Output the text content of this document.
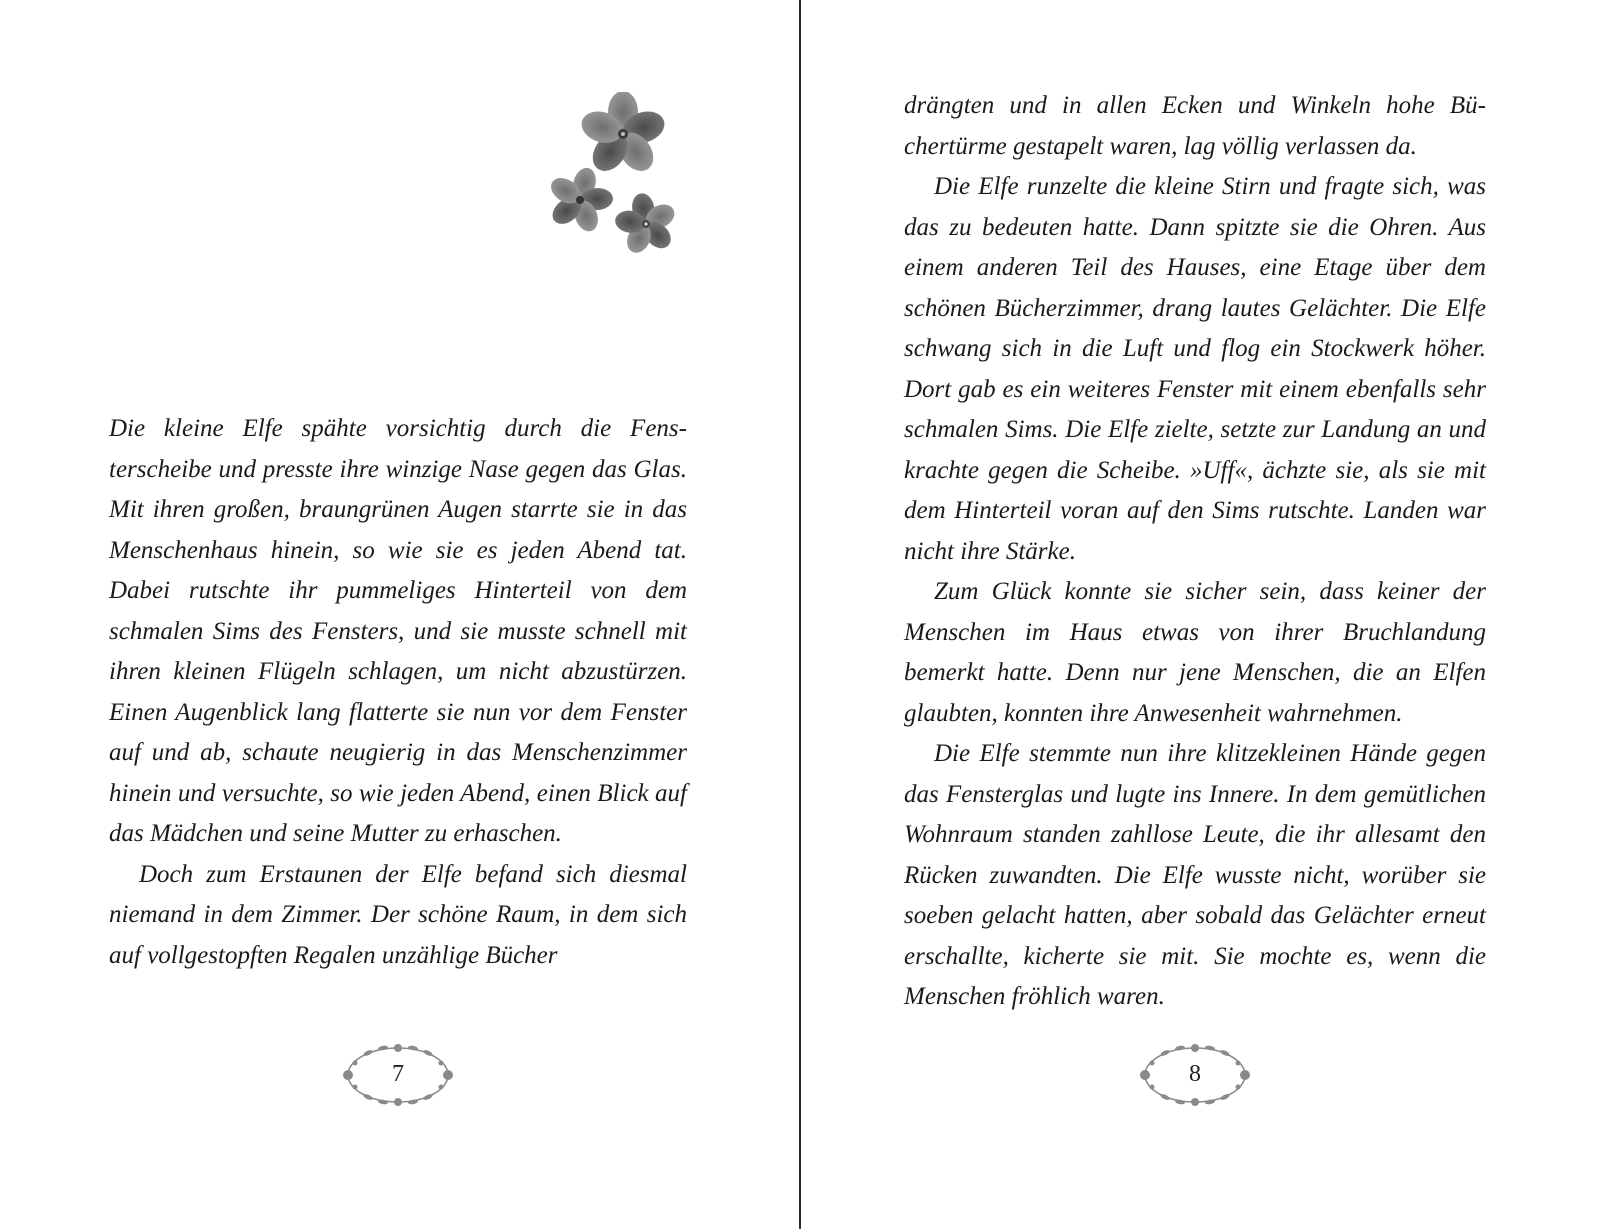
Die kleine Elfe spähte vorsichtig durch die Fensterscheibe und presste ihre winzige Nase gegen das Glas. Mit ihren großen, braungrünen Augen starrte sie in das Menschenhaus hinein, so wie sie es jeden Abend tat. Dabei rutschte ihr pummeliges Hinterteil von dem schmalen Sims des Fensters, und sie musste schnell mit ihren kleinen Flügeln schlagen, um nicht abzustürzen. Einen Augenblick lang flatterte sie nun vor dem Fenster auf und ab, schaute neugierig in das Menschenzimmer hinein und versuchte, so wie jeden Abend, einen Blick auf das Mädchen und seine Mutter zu erhaschen.

Doch zum Erstaunen der Elfe befand sich diesmal niemand in dem Zimmer. Der schöne Raum, in dem sich auf vollgestopften Regalen unzählige Bücher

7

drängten und in allen Ecken und Winkeln hohe Büchertürme gestapelt waren, lag völlig verlassen da.

Die Elfe runzelte die kleine Stirn und fragte sich, was das zu bedeuten hatte. Dann spitzte sie die Ohren. Aus einem anderen Teil des Hauses, eine Etage über dem schönen Bücherzimmer, drang lautes Gelächter. Die Elfe schwang sich in die Luft und flog ein Stockwerk höher. Dort gab es ein weiteres Fenster mit einem ebenfalls sehr schmalen Sims. Die Elfe zielte, setzte zur Landung an und krachte gegen die Scheibe. »Uff«, ächzte sie, als sie mit dem Hinterteil voran auf den Sims rutschte. Landen war nicht ihre Stärke.

Zum Glück konnte sie sicher sein, dass keiner der Menschen im Haus etwas von ihrer Bruchlandung bemerkt hatte. Denn nur jene Menschen, die an Elfen glaubten, konnten ihre Anwesenheit wahrnehmen.

Die Elfe stemmte nun ihre klitzekleinen Hände gegen das Fensterglas und lugte ins Innere. In dem gemütlichen Wohnraum standen zahllose Leute, die ihr allesamt den Rücken zuwandten. Die Elfe wusste nicht, worüber sie soeben gelacht hatten, aber sobald das Gelächter erneut erschallte, kicherte sie mit. Sie mochte es, wenn die Menschen fröhlich waren.

8
